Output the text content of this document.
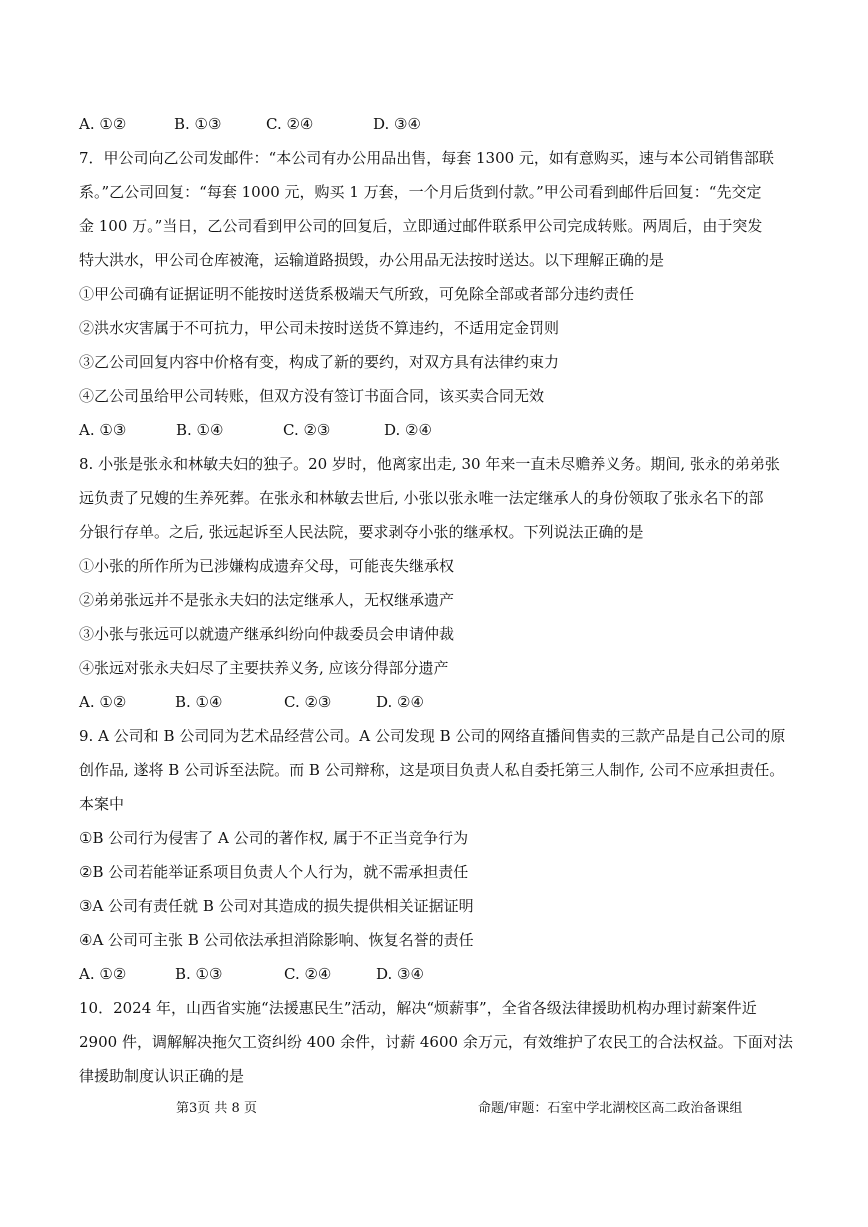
A. ①②	B. ①③	C. ②④	D. ③④
7．甲公司向乙公司发邮件：“本公司有办公用品出售，每套 1300 元，如有意购买，速与本公司销售部联
系。”乙公司回复：“每套 1000 元，购买 1 万套，一个月后货到付款。”甲公司看到邮件后回复：“先交定
金 100 万。”当日，乙公司看到甲公司的回复后，立即通过邮件联系甲公司完成转账。两周后，由于突发
特大洪水，甲公司仓库被淹，运输道路损毁，办公用品无法按时送达。以下理解正确的是
①甲公司确有证据证明不能按时送货系极端天气所致，可免除全部或者部分违约责任
②洪水灾害属于不可抗力，甲公司未按时送货不算违约，不适用定金罚则
③乙公司回复内容中价格有变，构成了新的要约，对双方具有法律约束力
④乙公司虽给甲公司转账，但双方没有签订书面合同，该买卖合同无效
A. ①③	B. ①④	C. ②③	D. ②④
8. 小张是张永和林敏夫妇的独子。20 岁时，他离家出走, 30 年来一直未尽赡养义务。期间, 张永的弟弟张
远负责了兄嫂的生养死葬。在张永和林敏去世后, 小张以张永唯一法定继承人的身份领取了张永名下的部
分银行存单。之后, 张远起诉至人民法院，要求剥夺小张的继承权。下列说法正确的是
①小张的所作所为已涉嫌构成遗弃父母，可能丧失继承权
②弟弟张远并不是张永夫妇的法定继承人，无权继承遗产
③小张与张远可以就遗产继承纠纷向仲裁委员会申请仲裁
④张远对张永夫妇尽了主要扶养义务, 应该分得部分遗产
A. ①②	B. ①④	C. ②③	D. ②④
9. A 公司和 B 公司同为艺术品经营公司。A 公司发现 B 公司的网络直播间售卖的三款产品是自己公司的原
创作品, 遂将 B 公司诉至法院。而 B 公司辩称，这是项目负责人私自委托第三人制作, 公司不应承担责任。
本案中
①B 公司行为侵害了 A 公司的著作权, 属于不正当竞争行为
②B 公司若能举证系项目负责人个人行为，就不需承担责任
③A 公司有责任就 B 公司对其造成的损失提供相关证据证明
④A 公司可主张 B 公司依法承担消除影响、恢复名誉的责任
A. ①②	B. ①③	C. ②④	D. ③④
10．2024 年，山西省实施“法援惠民生”活动，解决“烦薪事”，全省各级法律援助机构办理讨薪案件近
2900 件，调解解决拖欠工资纠纷 400 余件，讨薪 4600 余万元，有效维护了农民工的合法权益。下面对法
律援助制度认识正确的是
第3页 共 8 页	命题/审题：石室中学北湖校区高二政治备课组
